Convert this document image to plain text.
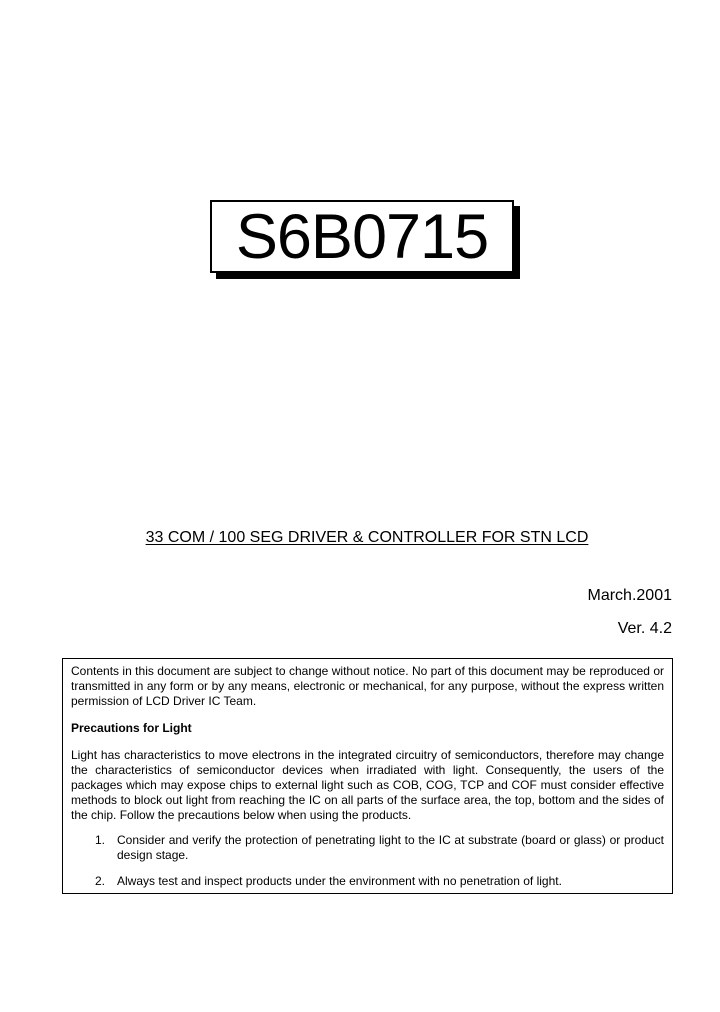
S6B0715
33 COM / 100 SEG DRIVER & CONTROLLER FOR STN LCD
March.2001
Ver. 4.2

Contents in this document are subject to change without notice. No part of this document may be reproduced or transmitted in any form or by any means, electronic or mechanical, for any purpose, without the express written permission of LCD Driver IC Team.

Precautions for Light

Light has characteristics to move electrons in the integrated circuitry of semiconductors, therefore may change the characteristics of semiconductor devices when irradiated with light. Consequently, the users of the packages which may expose chips to external light such as COB, COG, TCP and COF must consider effective methods to block out light from reaching the IC on all parts of the surface area, the top, bottom and the sides of the chip. Follow the precautions below when using the products.

1. Consider and verify the protection of penetrating light to the IC at substrate (board or glass) or product design stage.
2. Always test and inspect products under the environment with no penetration of light.
